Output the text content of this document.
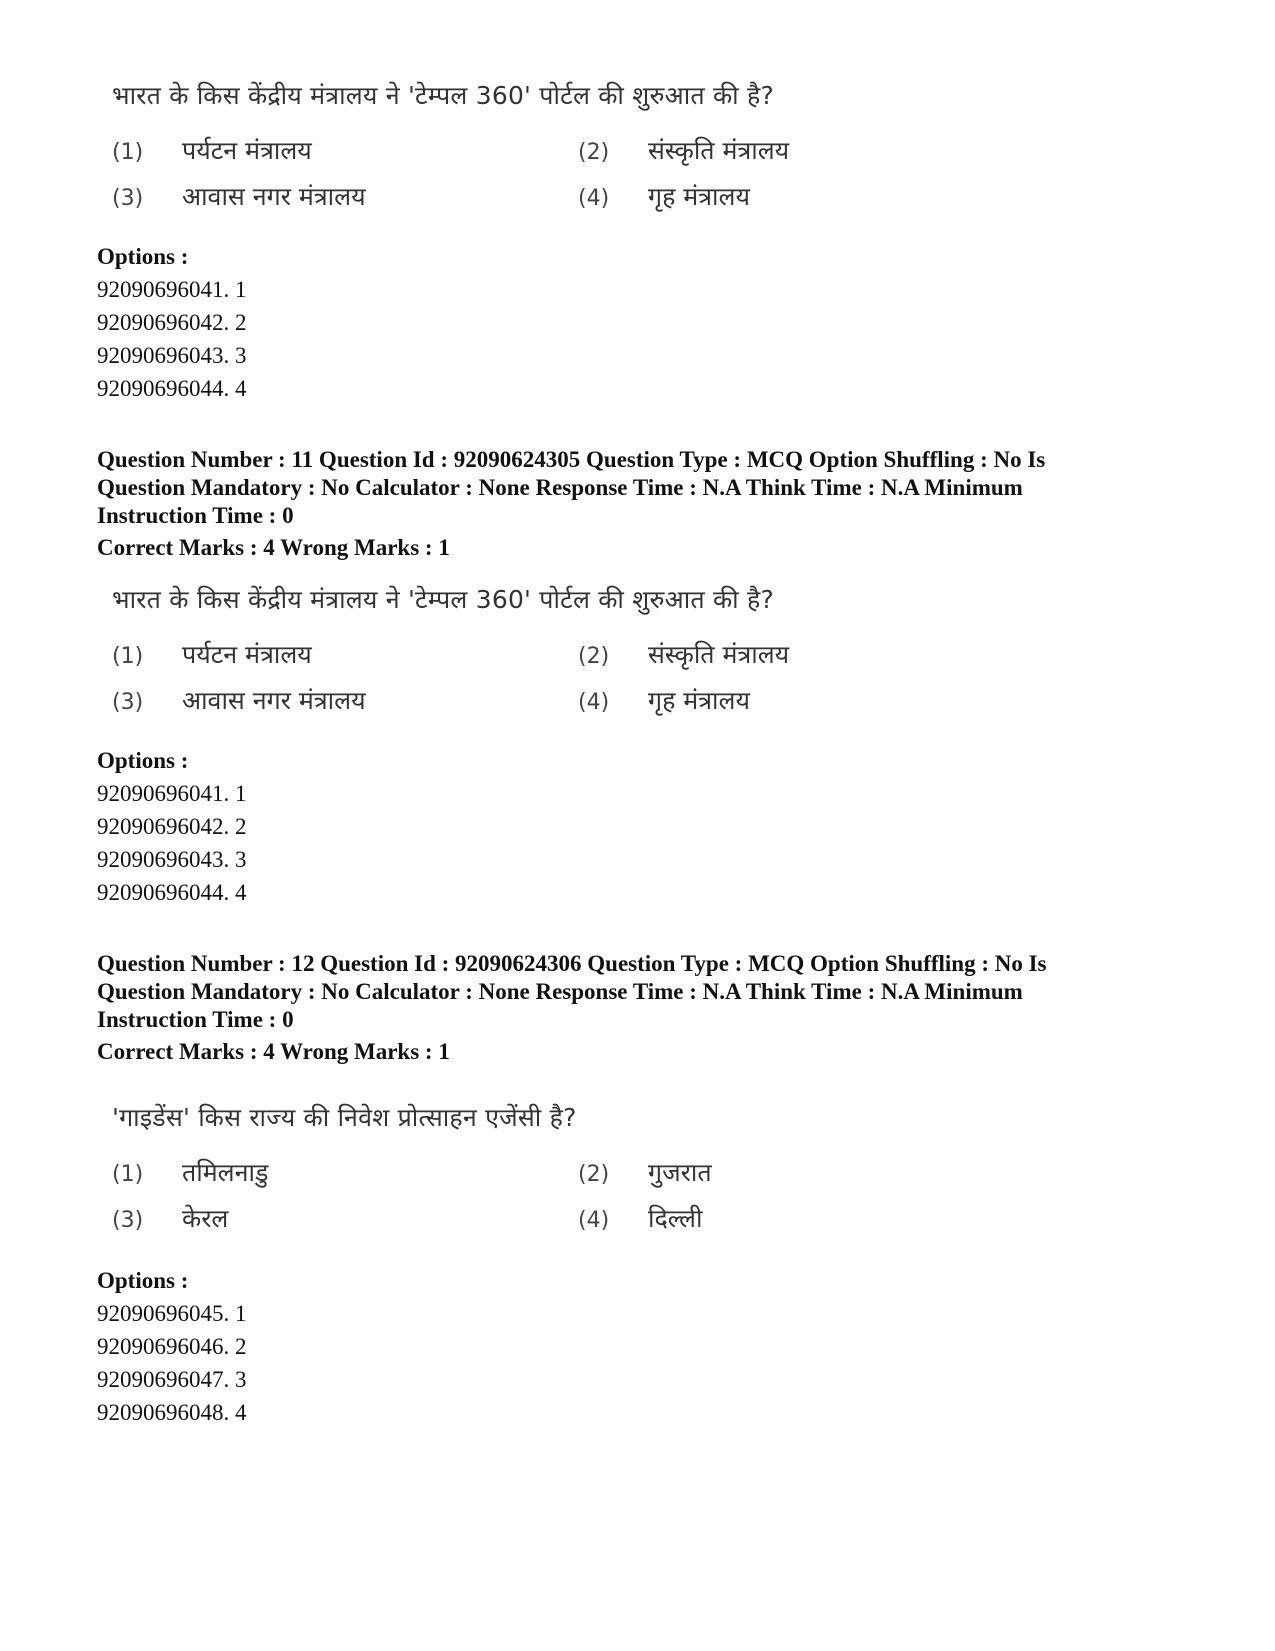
भारत के किस केंद्रीय मंत्रालय ने 'टेम्पल 360' पोर्टल की शुरुआत की है?
(1) पर्यटन मंत्रालय	(2) संस्कृति मंत्रालय
(3) आवास नगर मंत्रालय	(4) गृह मंत्रालय
Options :
92090696041. 1
92090696042. 2
92090696043. 3
92090696044. 4
Question Number : 11 Question Id : 92090624305 Question Type : MCQ Option Shuffling : No Is
Question Mandatory : No Calculator : None Response Time : N.A Think Time : N.A Minimum
Instruction Time : 0
Correct Marks : 4 Wrong Marks : 1
भारत के किस केंद्रीय मंत्रालय ने 'टेम्पल 360' पोर्टल की शुरुआत की है?
(1) पर्यटन मंत्रालय	(2) संस्कृति मंत्रालय
(3) आवास नगर मंत्रालय	(4) गृह मंत्रालय
Options :
92090696041. 1
92090696042. 2
92090696043. 3
92090696044. 4
Question Number : 12 Question Id : 92090624306 Question Type : MCQ Option Shuffling : No Is
Question Mandatory : No Calculator : None Response Time : N.A Think Time : N.A Minimum
Instruction Time : 0
Correct Marks : 4 Wrong Marks : 1
'गाइडेंस' किस राज्य की निवेश प्रोत्साहन एजेंसी है?
(1) तमिलनाडु	(2) गुजरात
(3) केरल	(4) दिल्ली
Options :
92090696045. 1
92090696046. 2
92090696047. 3
92090696048. 4
